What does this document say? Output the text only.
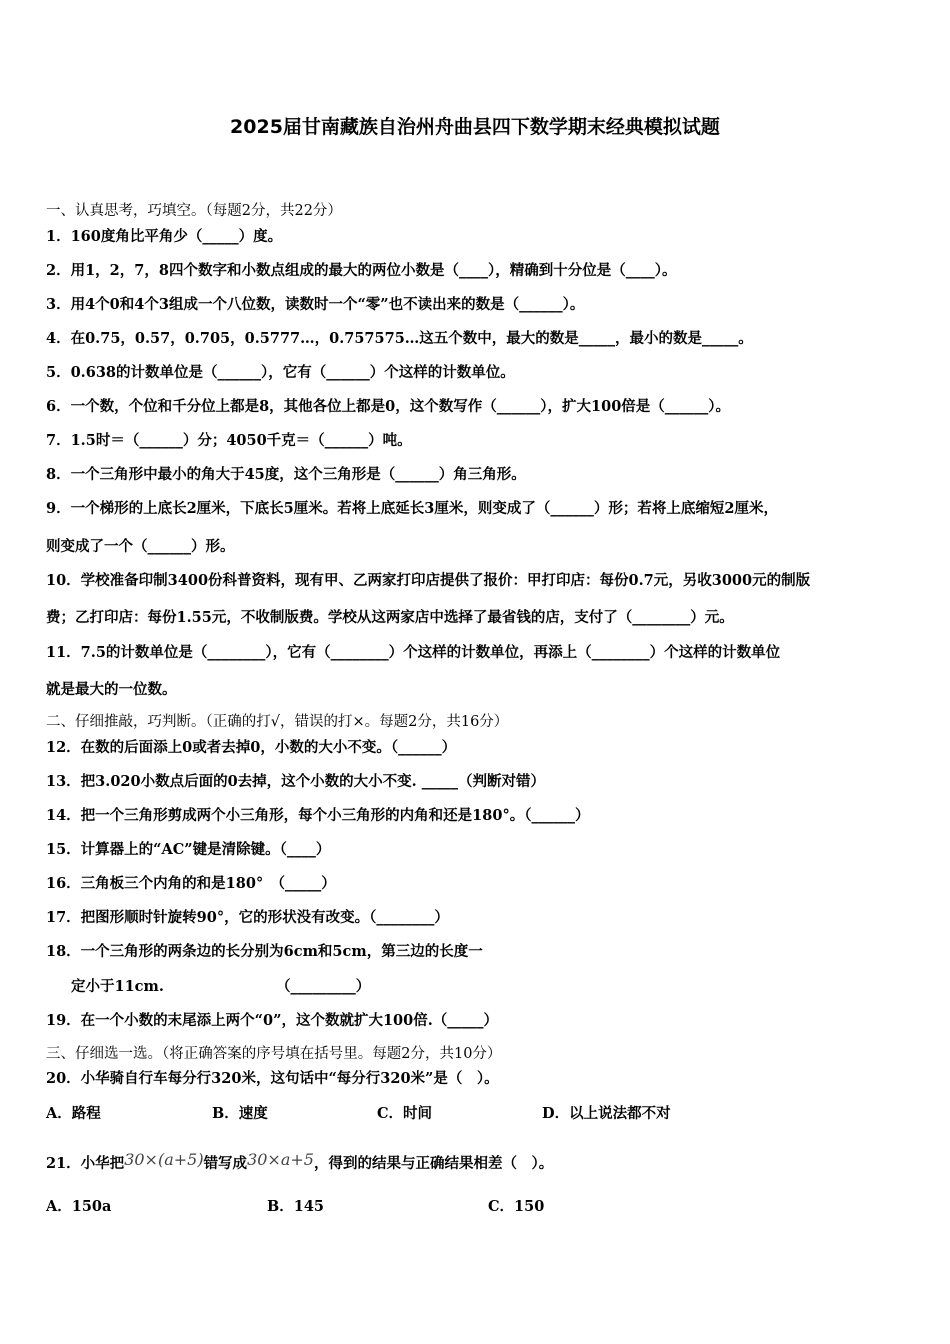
2025届甘南藏族自治州舟曲县四下数学期末经典模拟试题
一、认真思考，巧填空。（每题2分，共22分）
1．160度角比平角少（_____）度。
2．用1，2，7，8四个数字和小数点组成的最大的两位小数是（____），精确到十分位是（____）。
3．用4个0和4个3组成一个八位数，读数时一个“零”也不读出来的数是（______）。
4．在0.75，0.57，0.705，0.5777…，0.757575…这五个数中，最大的数是_____，最小的数是_____。
5．0.638的计数单位是（______），它有（______）个这样的计数单位。
6．一个数，个位和千分位上都是8，其他各位上都是0，这个数写作（______），扩大100倍是（______）。
7．1.5时＝（______）分；4050千克＝（______）吨。
8．一个三角形中最小的角大于45度，这个三角形是（______）角三角形。
9．一个梯形的上底长2厘米，下底长5厘米。若将上底延长3厘米，则变成了（______）形；若将上底缩短2厘米，
则变成了一个（______）形。
10．学校准备印制3400份科普资料，现有甲、乙两家打印店提供了报价：甲打印店：每份0.7元，另收3000元的制版
费；乙打印店：每份1.55元，不收制版费。学校从这两家店中选择了最省钱的店，支付了（________）元。
11．7.5的计数单位是（________），它有（________）个这样的计数单位，再添上（________）个这样的计数单位
就是最大的一位数。
二、仔细推敲，巧判断。（正确的打√，错误的打×。每题2分，共16分）
12．在数的后面添上0或者去掉0，小数的大小不变。（______）
13．把3.020小数点后面的0去掉，这个小数的大小不变. _____（判断对错）
14．把一个三角形剪成两个小三角形，每个小三角形的内角和还是180°。（______）
15．计算器上的“AC”键是清除键。（____）
16．三角板三个内角的和是180°　（_____）
17．把图形顺时针旋转90°，它的形状没有改变。（________）
18．一个三角形的两条边的长分别为6cm和5cm，第三边的长度一
定小于11cm.	（_________）
19．在一个小数的末尾添上两个“0”，这个数就扩大100倍.（_____）
三、仔细选一选。（将正确答案的序号填在括号里。每题2分，共10分）
20．小华骑自行车每分行320米，这句话中“每分行320米”是（　）。
A．路程	B．速度	C．时间	D．以上说法都不对
21．小华把30×(a+5)错写成30×a+5，得到的结果与正确结果相差（　）。
A．150a	B．145	C．150
